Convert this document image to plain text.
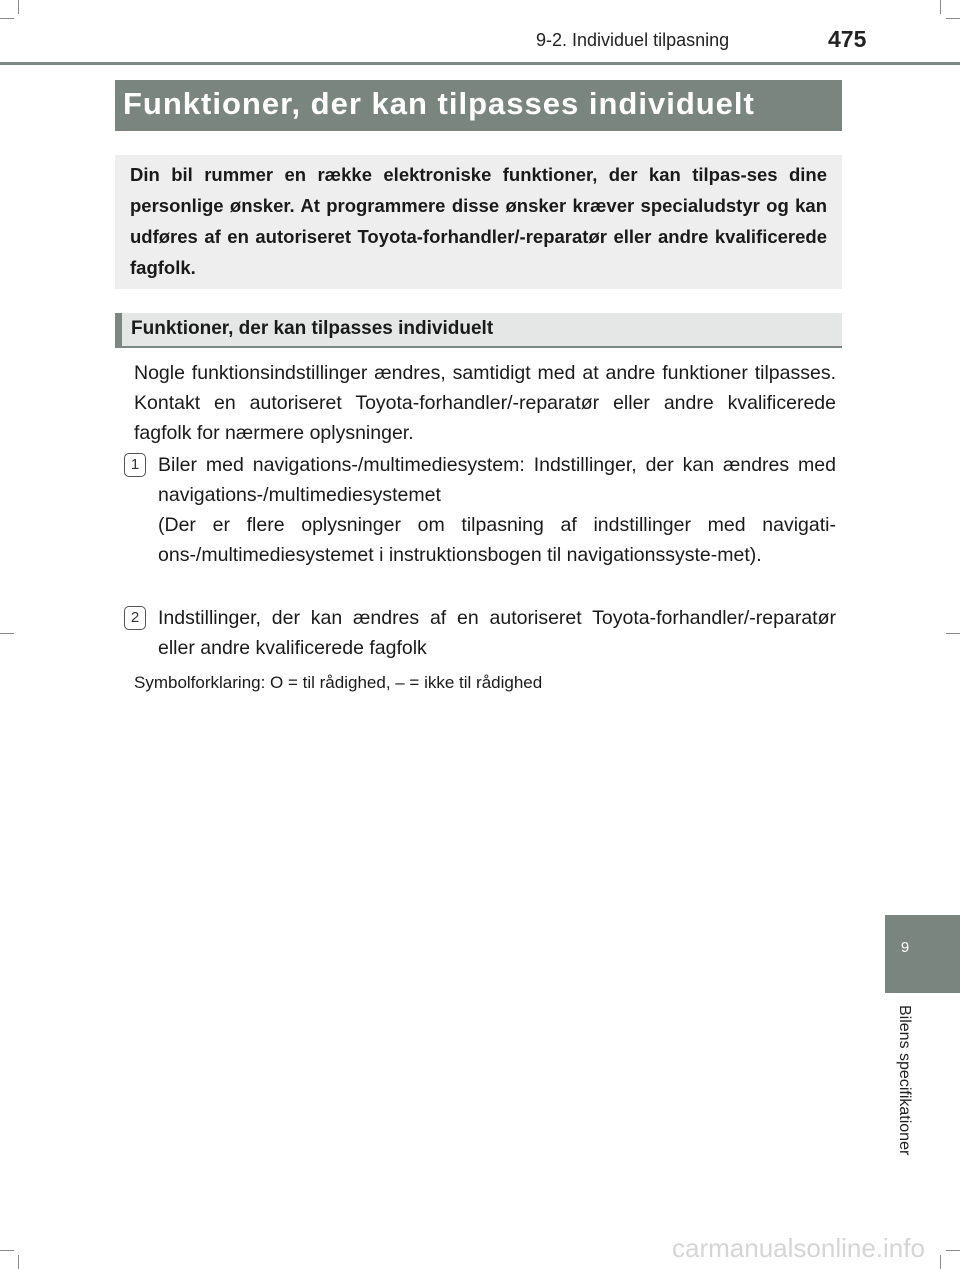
9-2. Individuel tilpasning	475
Funktioner, der kan tilpasses individuelt
Din bil rummer en række elektroniske funktioner, der kan tilpas-ses dine personlige ønsker. At programmere disse ønsker kræver specialudstyr og kan udføres af en autoriseret Toyota-forhandler/-reparatør eller andre kvalificerede fagfolk.
Funktioner, der kan tilpasses individuelt
Nogle funktionsindstillinger ændres, samtidigt med at andre funktioner tilpasses. Kontakt en autoriseret Toyota-forhandler/-reparatør eller andre kvalificerede fagfolk for nærmere oplysninger.
1 Biler med navigations-/multimediesystem: Indstillinger, der kan ændres med navigations-/multimediesystemet

(Der er flere oplysninger om tilpasning af indstillinger med navigati-ons-/multimediesystemet i instruktionsbogen til navigationssyste-met).

2 Indstillinger, der kan ændres af en autoriseret Toyota-forhandler/-reparatør eller andre kvalificerede fagfolk

Symbolforklaring: O = til rådighed, – = ikke til rådighed
9
Bilens specifikationer
carmanualsonline.info
